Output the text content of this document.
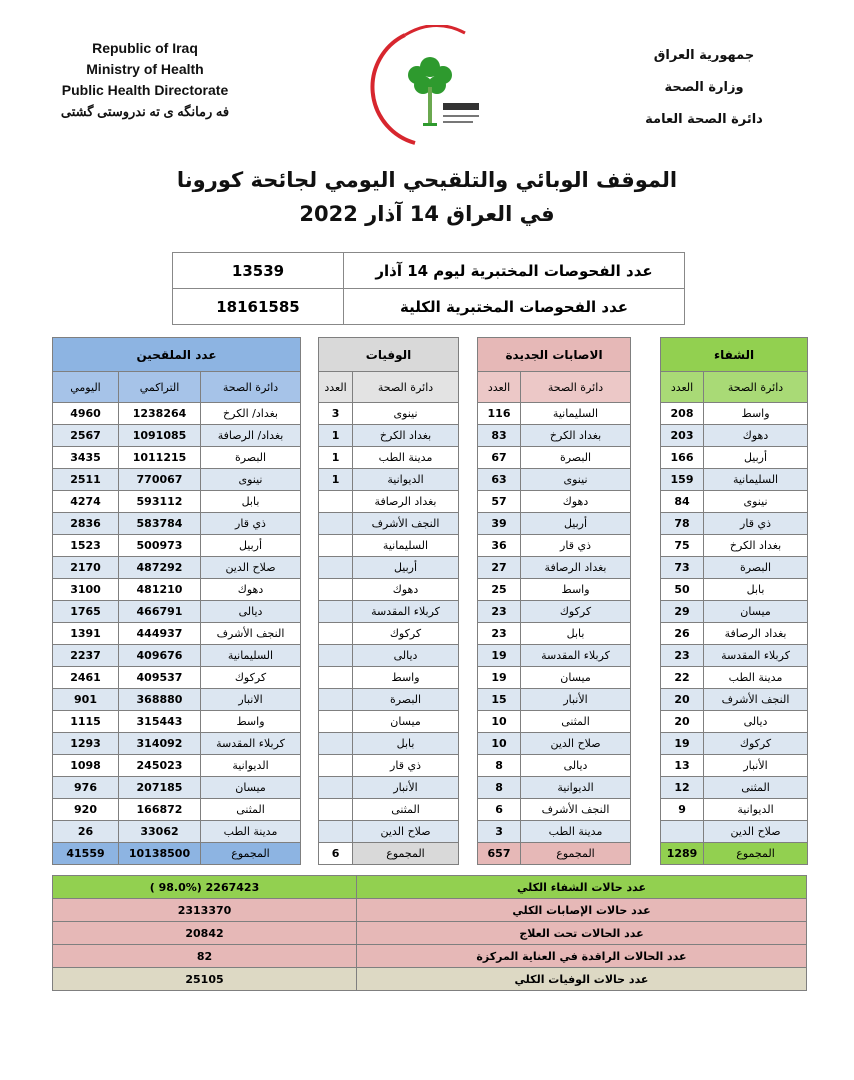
Republic of Iraq
Ministry of Health
Public Health Directorate
فه رمانگه ی ته ندروستی گشتی
جمهورية العراق
وزارة الصحة
دائرة الصحة العامة
الموقف الوبائي والتلقيحي اليومي لجائحة كورونا
في العراق 14 آذار 2022
13539	عدد الفحوصات المختبرية ليوم 14 آذار
18161585	عدد الفحوصات المختبرية الكلية
عدد الملقحين				الوفيات			الاصابات الجديدة			الشفاء	
اليومي	التراكمي	دائرة الصحة		العدد	دائرة الصحة		العدد	دائرة الصحة		العدد	دائرة الصحة
4960	1238264	بغداد/ الكرخ		3	نينوى		116	السليمانية		208	واسط
2567	1091085	بغداد/ الرصافة		1	بغداد الكرخ		83	بغداد الكرخ		203	دهوك
3435	1011215	البصرة		1	مدينة الطب		67	البصرة		166	أربيل
2511	770067	نينوى		1	الديوانية		63	نينوى		159	السليمانية
4274	593112	بابل			بغداد الرصافة		57	دهوك		84	نينوى
2836	583784	ذي قار			النجف الأشرف		39	أربيل		78	ذي قار
1523	500973	أربيل			السليمانية		36	ذي قار		75	بغداد الكرخ
2170	487292	صلاح الدين			أربيل		27	بغداد الرصافة		73	البصرة
3100	481210	دهوك			دهوك		25	واسط		50	بابل
1765	466791	ديالى			كربلاء المقدسة		23	كركوك		29	ميسان
1391	444937	النجف الأشرف			كركوك		23	بابل		26	بغداد الرصافة
2237	409676	السليمانية			ديالى		19	كربلاء المقدسة		23	كربلاء المقدسة
2461	409537	كركوك			واسط		19	ميسان		22	مدينة الطب
901	368880	الانبار			البصرة		15	الأنبار		20	النجف الأشرف
1115	315443	واسط			ميسان		10	المثنى		20	ديالى
1293	314092	كربلاء المقدسة			بابل		10	صلاح الدين		19	كركوك
1098	245023	الديوانية			ذي قار		8	ديالى		13	الأنبار
976	207185	ميسان			الأنبار		8	الديوانية		12	المثنى
920	166872	المثنى			المثنى		6	النجف الأشرف		9	الديوانية
26	33062	مدينة الطب			صلاح الدين		3	مدينة الطب			صلاح الدين
41559	10138500	المجموع		6	المجموع		657	المجموع		1289	المجموع
( 98.0%) 2267423	عدد حالات الشفاء الكلي
2313370	عدد حالات الإصابات الكلي
20842	عدد الحالات تحت العلاج
82	عدد الحالات الراقدة في العناية المركزة
25105	عدد حالات الوفيات الكلي
